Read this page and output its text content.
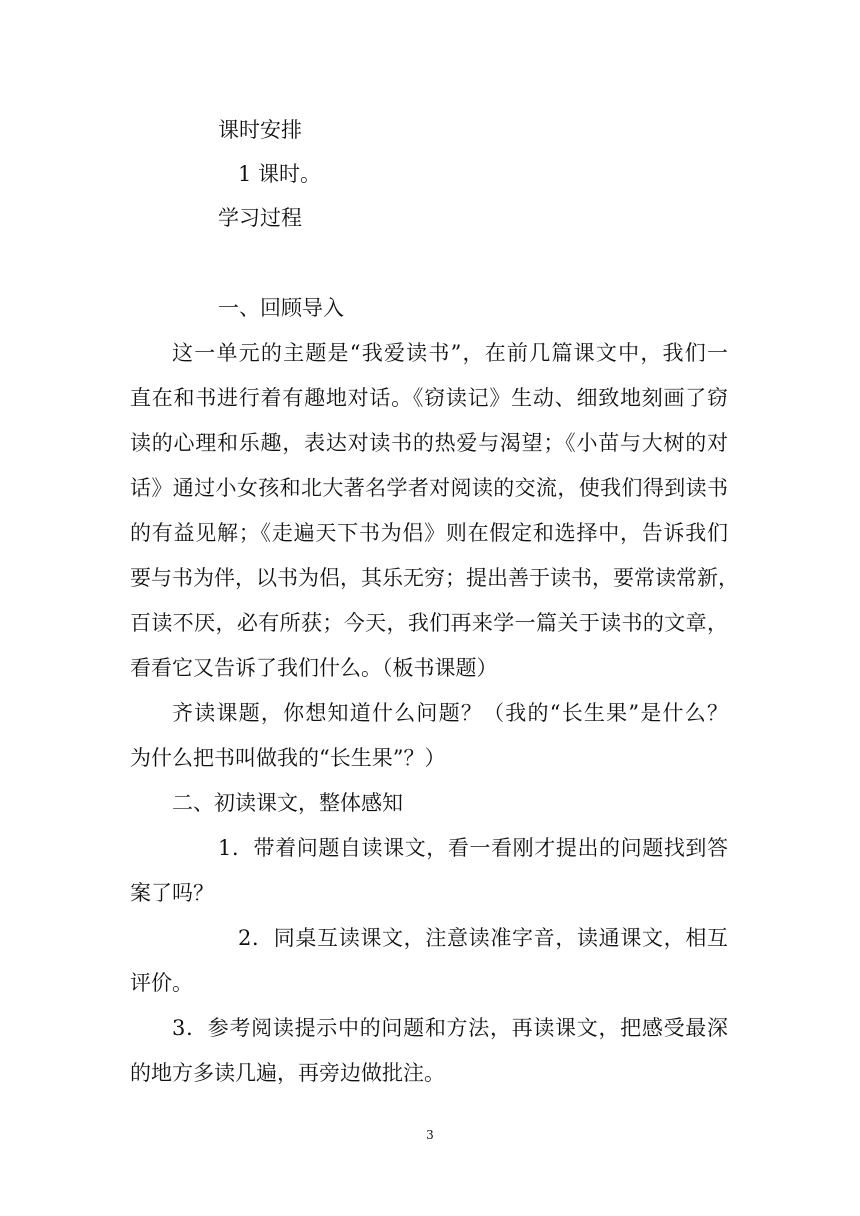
课时安排
1 课时。
学习过程
一、回顾导入
这一单元的主题是“我爱读书”，在前几篇课文中，我们一
直在和书进行着有趣地对话。《窃读记》生动、细致地刻画了窃
读的心理和乐趣，表达对读书的热爱与渴望；《小苗与大树的对
话》通过小女孩和北大著名学者对阅读的交流，使我们得到读书
的有益见解；《走遍天下书为侣》则在假定和选择中，告诉我们
要与书为伴，以书为侣，其乐无穷；提出善于读书，要常读常新，
百读不厌，必有所获；今天，我们再来学一篇关于读书的文章，
看看它又告诉了我们什么。（板书课题）
齐读课题，你想知道什么问题？（我的“长生果”是什么？
为什么把书叫做我的“长生果”？）
二、初读课文，整体感知
1．带着问题自读课文，看一看刚才提出的问题找到答
案了吗？
2．同桌互读课文，注意读准字音，读通课文，相互
评价。
3．参考阅读提示中的问题和方法，再读课文，把感受最深
的地方多读几遍，再旁边做批注。
3
